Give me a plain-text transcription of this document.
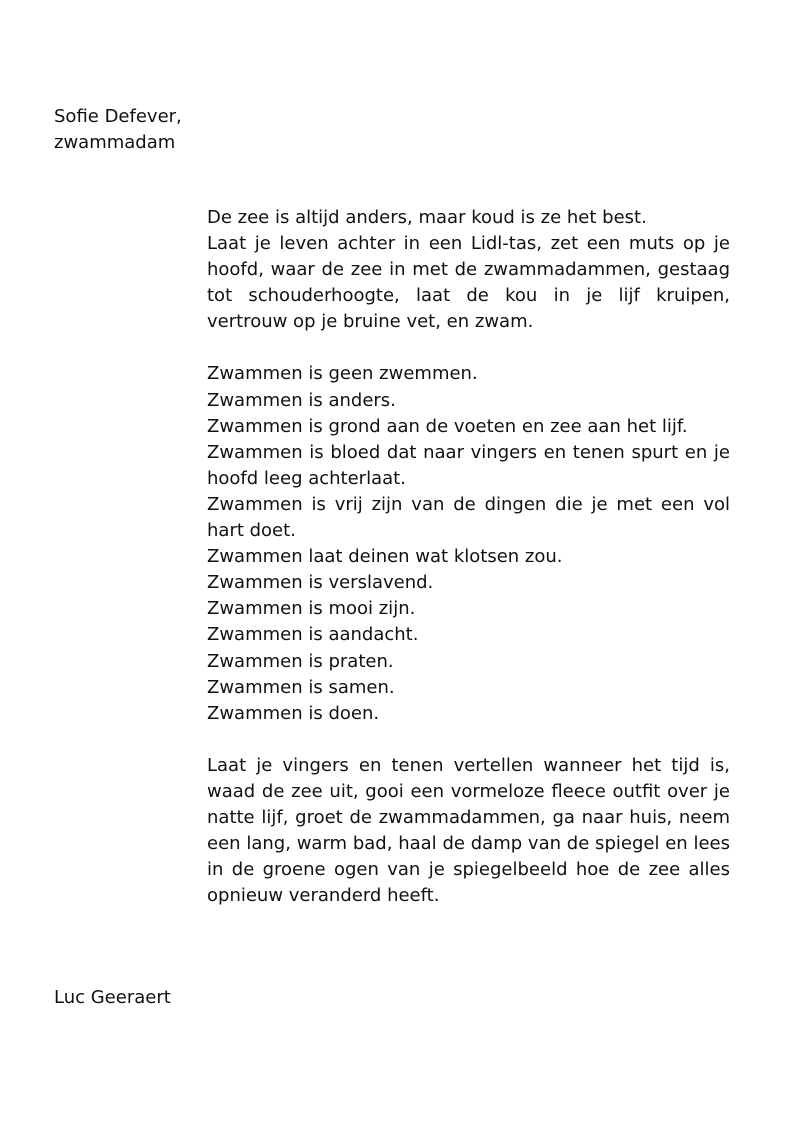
Sofie Defever,
zwammadam
De zee is altijd anders, maar koud is ze het best.
Laat je leven achter in een Lidl-tas, zet een muts op je hoofd, waar de zee in met de zwammadammen, gestaag tot schouderhoogte, laat de kou in je lijf kruipen, vertrouw op je bruine vet, en zwam.
Zwammen is geen zwemmen.
Zwammen is anders.
Zwammen is grond aan de voeten en zee aan het lijf.
Zwammen is bloed dat naar vingers en tenen spurt en je hoofd leeg achterlaat.
Zwammen is vrij zijn van de dingen die je met een vol hart doet.
Zwammen laat deinen wat klotsen zou.
Zwammen is verslavend.
Zwammen is mooi zijn.
Zwammen is aandacht.
Zwammen is praten.
Zwammen is samen.
Zwammen is doen.
Laat je vingers en tenen vertellen wanneer het tijd is, waad de zee uit, gooi een vormeloze fleece outfit over je natte lijf, groet de zwammadammen, ga naar huis, neem een lang, warm bad, haal de damp van de spiegel en lees in de groene ogen van je spiegelbeeld hoe de zee alles opnieuw veranderd heeft.
Luc Geeraert
